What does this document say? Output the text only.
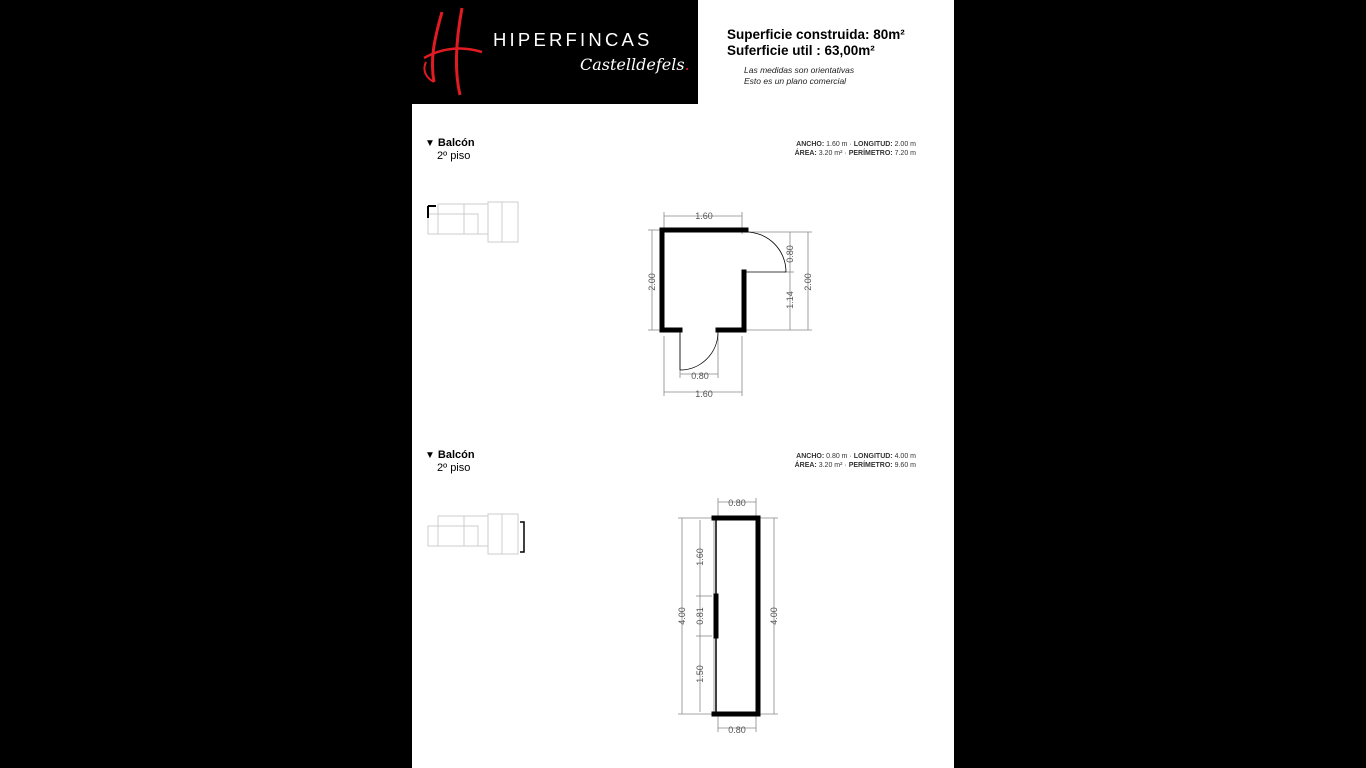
HIPERFINCAS
Castelldefels.
Superficie construida: 80m²
Suferficie util : 63,00m²
Las medidas son orientativas
Esto es un plano comercial
▼ Balcón
2º piso
ANCHO: 1.60 m · LONGITUD: 2.00 m
ÁREA: 3.20 m² · PERÍMETRO: 7.20 m
1.60
2.00	2.00
0.80
1.14
0.80
1.60
▼ Balcón
2º piso
ANCHO: 0.80 m · LONGITUD: 4.00 m
ÁREA: 3.20 m² · PERÍMETRO: 9.60 m
0.80
4.00
1.60
0.81
1.50
4.00
0.80
